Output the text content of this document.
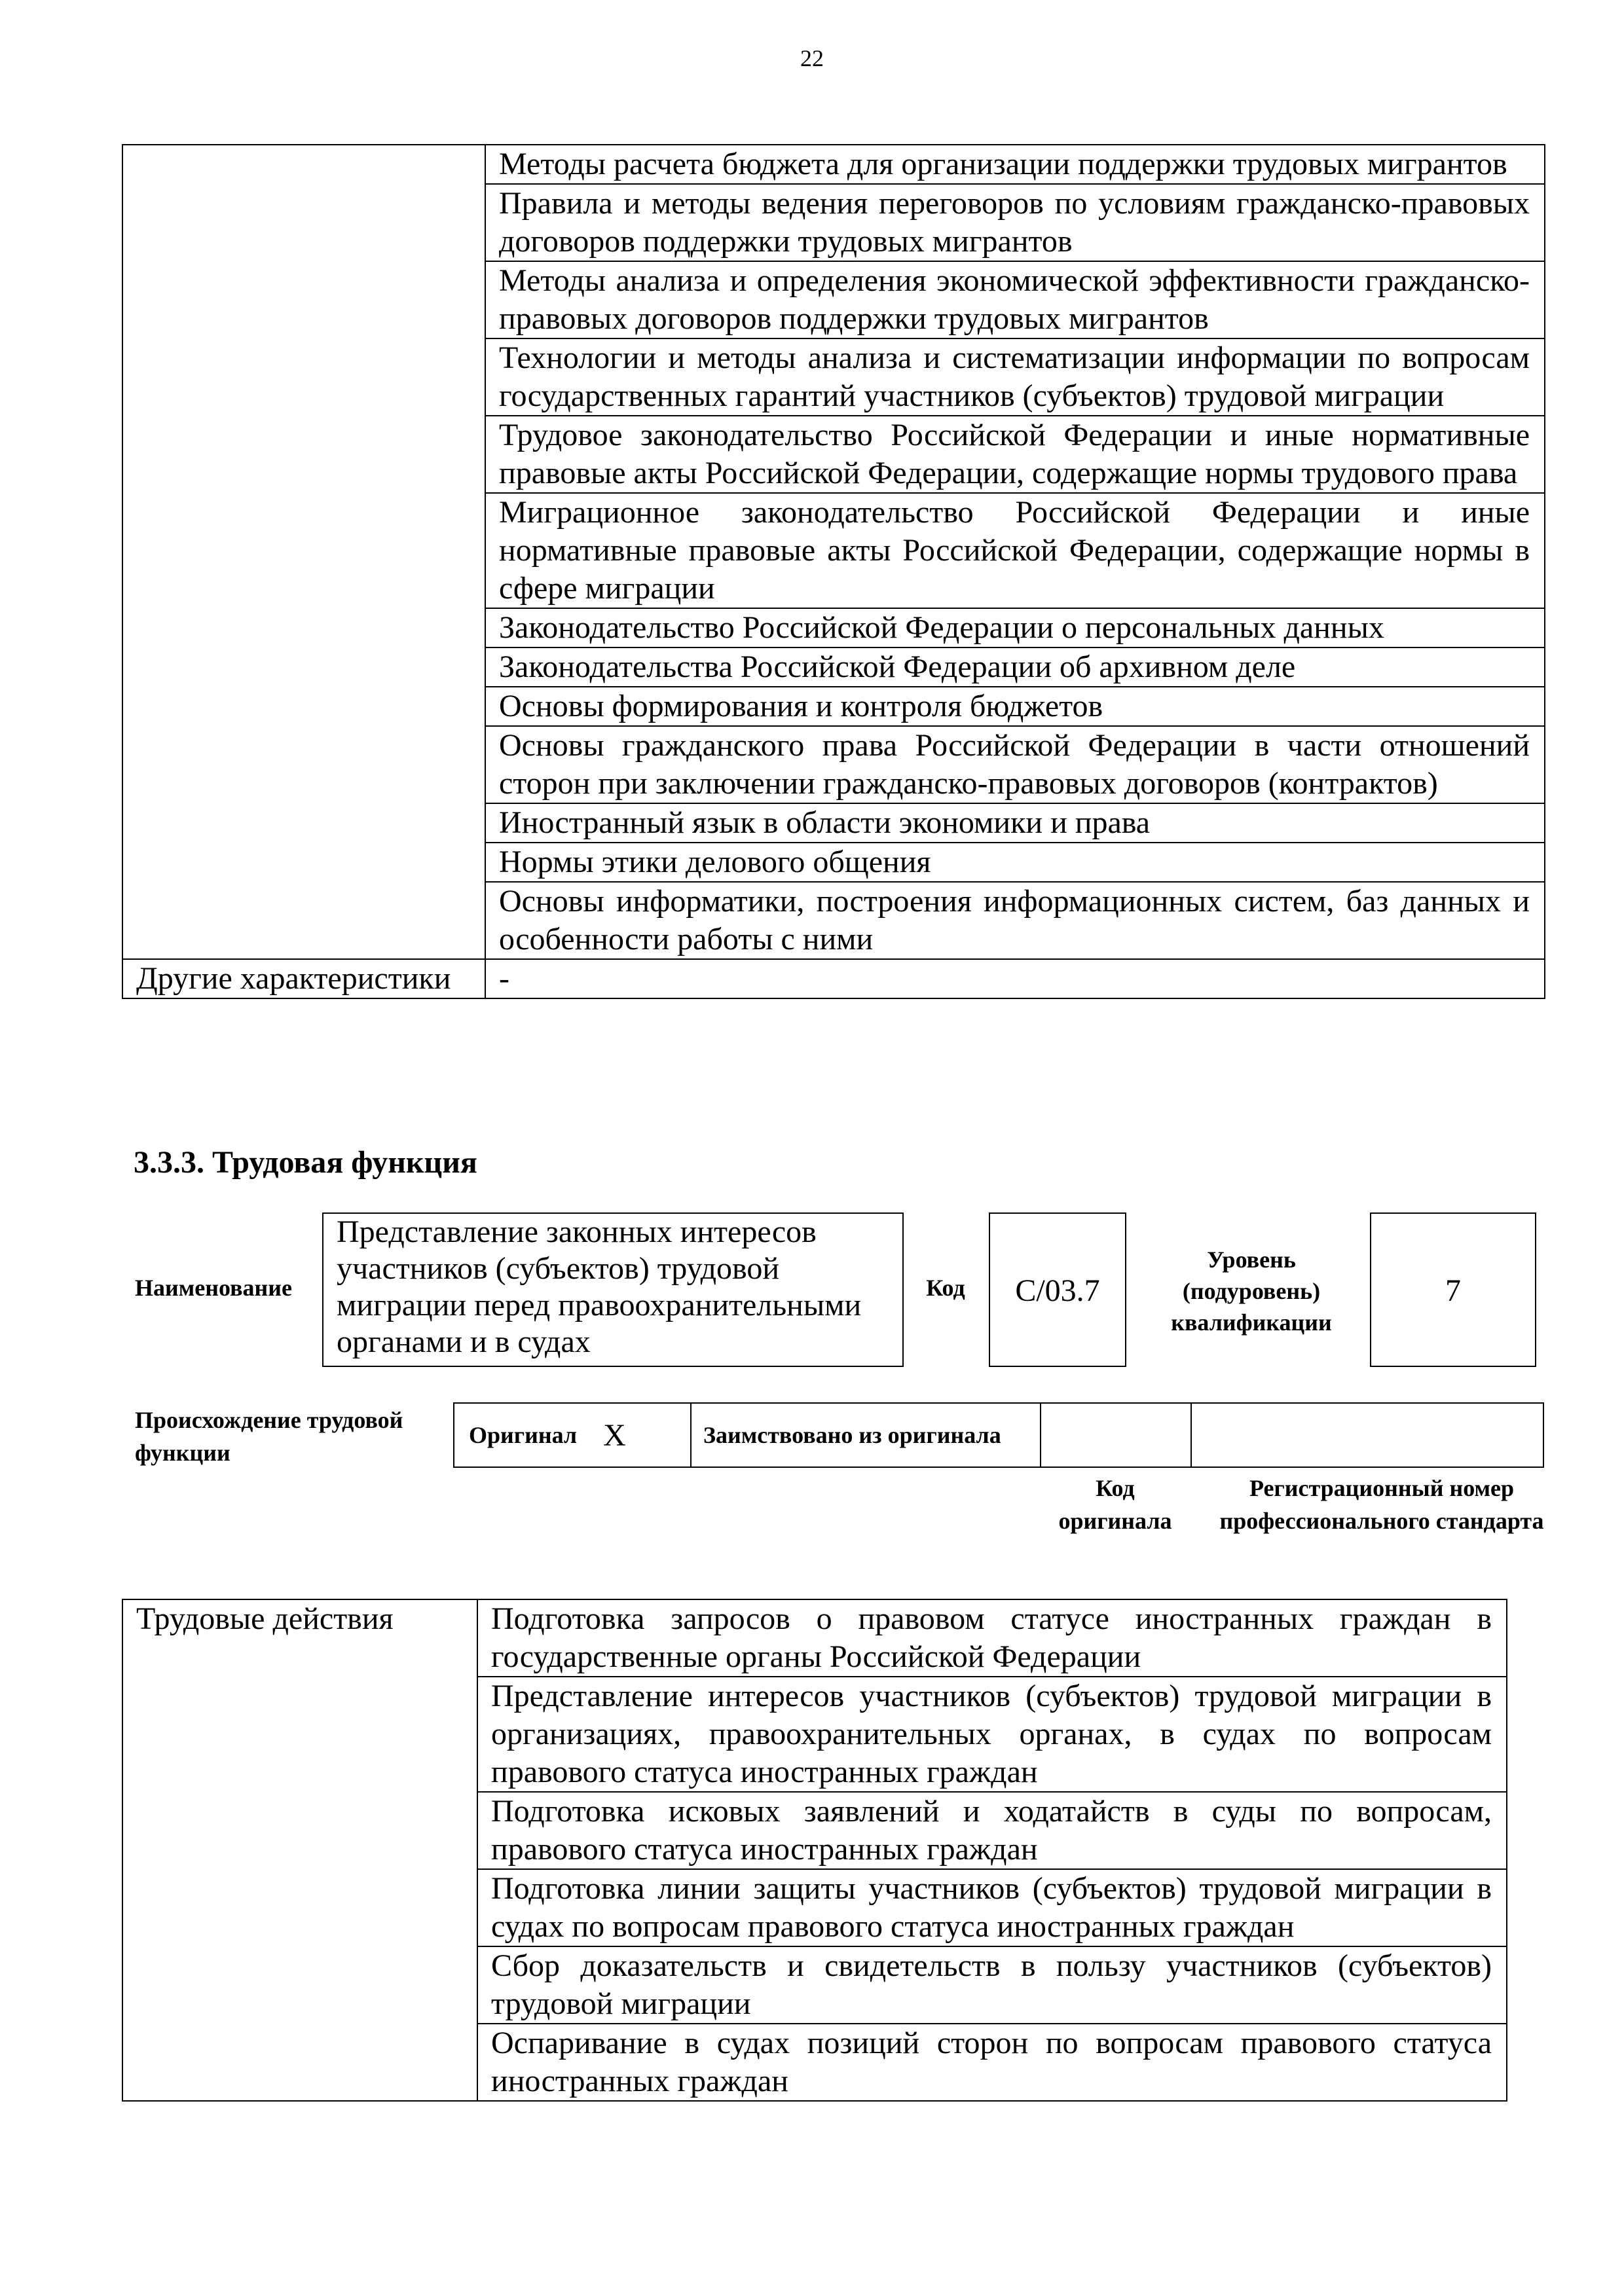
22

	Методы расчета бюджета для организации поддержки трудовых мигрантов

	Правила и методы ведения переговоров по условиям гражданско-правовых договоров поддержки трудовых мигрантов

	Методы анализа и определения экономической эффективности гражданско-правовых договоров поддержки трудовых мигрантов

	Технологии и методы анализа и систематизации информации по вопросам государственных гарантий участников (субъектов) трудовой миграции

	Трудовое законодательство Российской Федерации и иные нормативные правовые акты Российской Федерации, содержащие нормы трудового права

	Миграционное законодательство Российской Федерации и иные нормативные правовые акты Российской Федерации, содержащие нормы в сфере миграции

	Законодательство Российской Федерации о персональных данных

	Законодательства Российской Федерации об архивном деле

	Основы формирования и контроля бюджетов

	Основы гражданского права Российской Федерации в части отношений сторон при заключении гражданско-правовых договоров (контрактов)

	Иностранный язык в области экономики и права

	Нормы этики делового общения

	Основы информатики, построения информационных систем, баз данных и особенности работы с ними

Другие характеристики	-
3.3.3. Трудовая функция
Наименование
Представление законных интересов участников (субъектов) трудовой миграции перед правоохранительными органами и в судах
Код	C/03.7
Уровень (подуровень) квалификации
7
Происхождение трудовой функции
Оригинал X	Заимствовано из оригинала

Код оригинала
Регистрационный номер профессионального стандарта
Трудовые действия	Подготовка запросов о правовом статусе иностранных граждан в государственные органы Российской Федерации

Представление интересов участников (субъектов) трудовой миграции в организациях, правоохранительных органах, в судах по вопросам правового статуса иностранных граждан

Подготовка исковых заявлений и ходатайств в суды по вопросам, правового статуса иностранных граждан

Подготовка линии защиты участников (субъектов) трудовой миграции в судах по вопросам правового статуса иностранных граждан

Сбор доказательств и свидетельств в пользу участников (субъектов) трудовой миграции

Оспаривание в судах позиций сторон по вопросам правового статуса иностранных граждан
